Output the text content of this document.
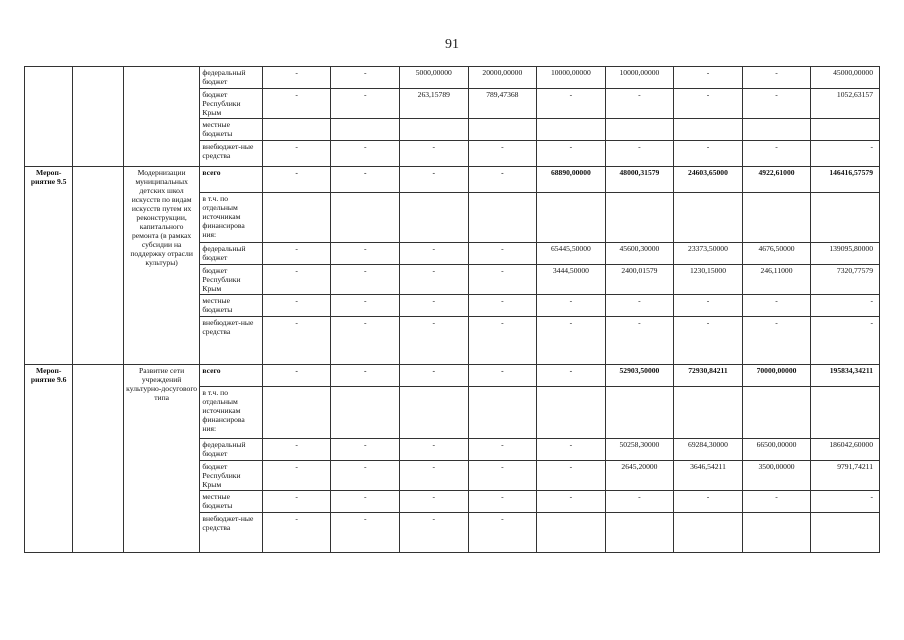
91
			федеральный бюджет	-	-	5000,00000	20000,00000	10000,00000	10000,00000	-	-	45000,00000
			бюджет Республики Крым	-	-	263,15789	789,47368	-	-	-	-	1052,63157
			местные бюджеты									
			внебюджет-ные средства	-	-	-	-	-	-	-	-	-
Мероп-риятие 9.5		Модернизации муниципальных детских школ искусств по видам искусств путем их реконструкции, капитального ремонта (в рамках субсидии на поддержку отрасли культуры)	всего	-	-	-	-	68890,00000	48000,31579	24603,65000	4922,61000	146416,57579
			в т.ч. по отдельным источникам финансирова ния:									
			федеральный бюджет	-	-	-	-	65445,50000	45600,30000	23373,50000	4676,50000	139095,80000
			бюджет Республики Крым	-	-	-	-	3444,50000	2400,01579	1230,15000	246,11000	7320,77579
			местные бюджеты	-	-	-	-	-	-	-	-	-
			внебюджет-ные средства	-	-	-	-	-	-	-	-	-
Мероп-риятие 9.6		Развитие сети учреждений культурно-досугового типа	всего	-	-	-	-	-	52903,50000	72930,84211	70000,00000	195834,34211
			в т.ч. по отдельным источникам финансирова ния:									
			федеральный бюджет	-	-	-	-	-	50258,30000	69284,30000	66500,00000	186042,60000
			бюджет Республики Крым	-	-	-	-	-	2645,20000	3646,54211	3500,00000	9791,74211
			местные бюджеты	-	-	-	-	-	-	-	-	-
			внебюджет-ные средства	-	-	-	-					
